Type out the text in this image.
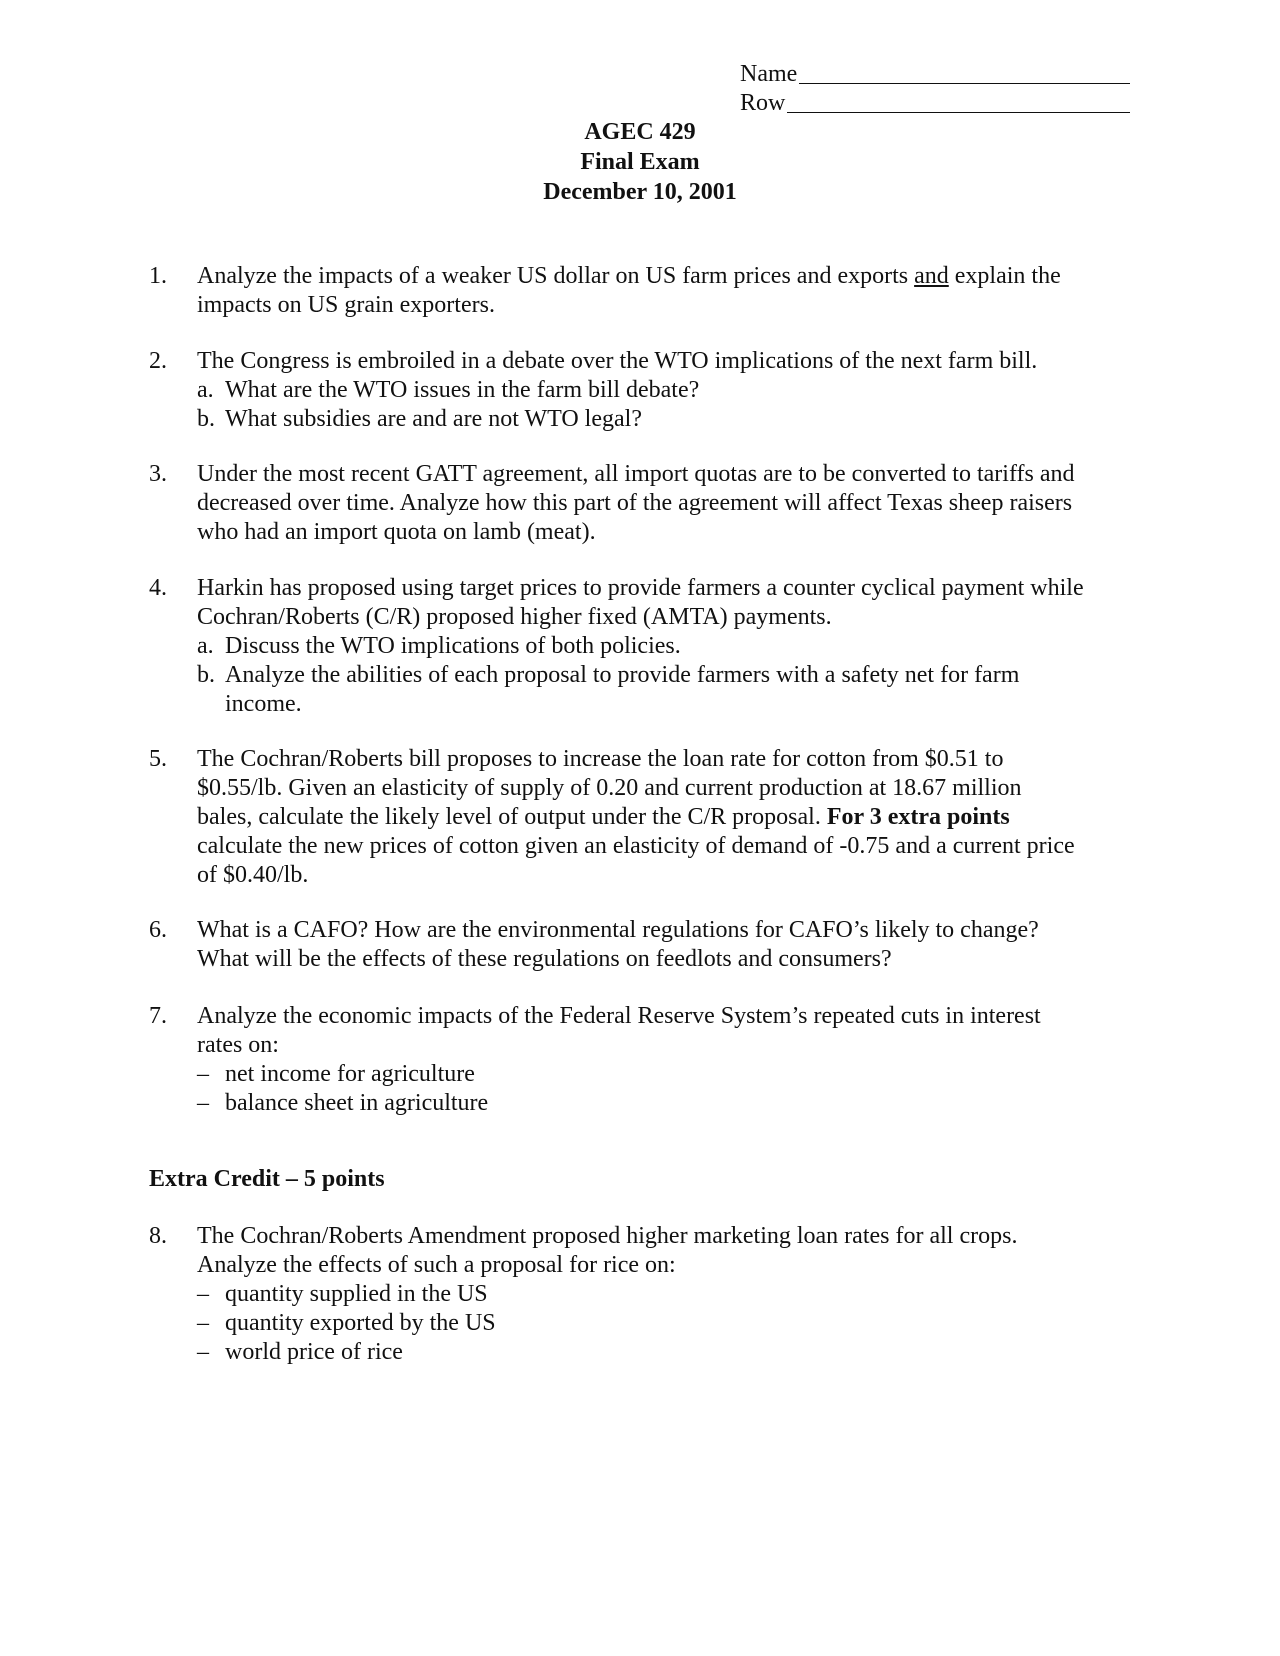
Name
Row
AGEC 429
Final Exam
December 10, 2001
1.	Analyze the impacts of a weaker US dollar on US farm prices and exports and explain the
impacts on US grain exporters.
2.	The Congress is embroiled in a debate over the WTO implications of the next farm bill.
a. What are the WTO issues in the farm bill debate?
b. What subsidies are and are not WTO legal?
3.	Under the most recent GATT agreement, all import quotas are to be converted to tariffs and
decreased over time. Analyze how this part of the agreement will affect Texas sheep raisers
who had an import quota on lamb (meat).
4.	Harkin has proposed using target prices to provide farmers a counter cyclical payment while
Cochran/Roberts (C/R) proposed higher fixed (AMTA) payments.
a. Discuss the WTO implications of both policies.
b. Analyze the abilities of each proposal to provide farmers with a safety net for farm income.
5.	The Cochran/Roberts bill proposes to increase the loan rate for cotton from $0.51 to
$0.55/lb. Given an elasticity of supply of 0.20 and current production at 18.67 million
bales, calculate the likely level of output under the C/R proposal. For 3 extra points
calculate the new prices of cotton given an elasticity of demand of -0.75 and a current price
of $0.40/lb.
6.	What is a CAFO? How are the environmental regulations for CAFO’s likely to change?
What will be the effects of these regulations on feedlots and consumers?
7.	Analyze the economic impacts of the Federal Reserve System’s repeated cuts in interest
rates on:
– net income for agriculture
– balance sheet in agriculture
Extra Credit – 5 points
8.	The Cochran/Roberts Amendment proposed higher marketing loan rates for all crops.
Analyze the effects of such a proposal for rice on:
– quantity supplied in the US
– quantity exported by the US
– world price of rice
